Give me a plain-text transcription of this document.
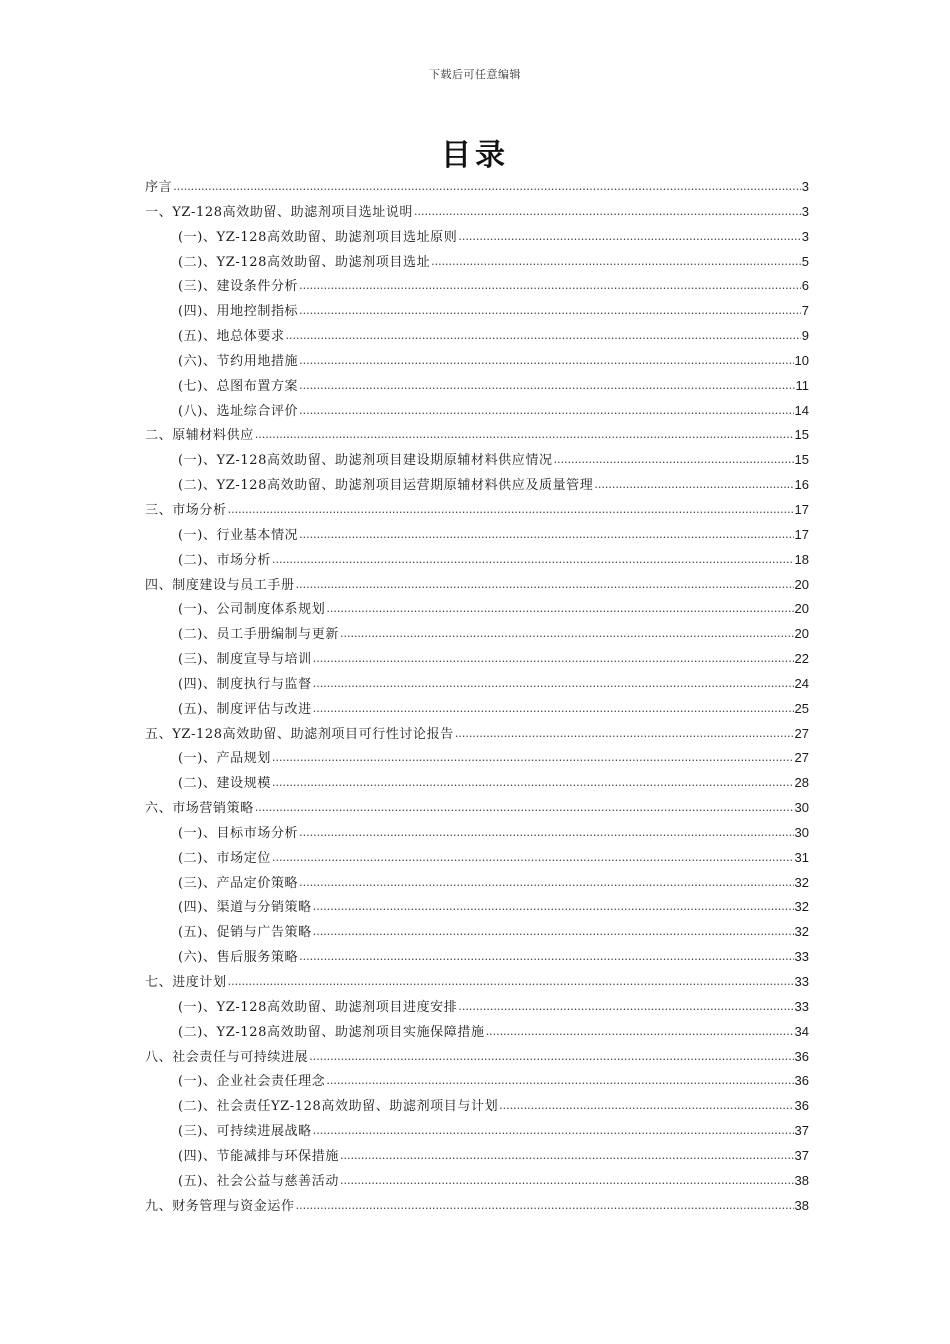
下载后可任意编辑
目录
序言 .....	3
一、YZ-128高效助留、助滤剂项目选址说明 .....	3
(一)、YZ-128高效助留、助滤剂项目选址原则 .....	3
(二)、YZ-128高效助留、助滤剂项目选址 .....	5
(三)、建设条件分析 .....	6
(四)、用地控制指标 .....	7
(五)、地总体要求 .....	9
(六)、节约用地措施 .....	10
(七)、总图布置方案 .....	11
(八)、选址综合评价 .....	14
二、原辅材料供应 .....	15
(一)、YZ-128高效助留、助滤剂项目建设期原辅材料供应情况 .....	15
(二)、YZ-128高效助留、助滤剂项目运营期原辅材料供应及质量管理 .....	16
三、市场分析 .....	17
(一)、行业基本情况 .....	17
(二)、市场分析 .....	18
四、制度建设与员工手册 .....	20
(一)、公司制度体系规划 .....	20
(二)、员工手册编制与更新 .....	20
(三)、制度宣导与培训 .....	22
(四)、制度执行与监督 .....	24
(五)、制度评估与改进 .....	25
五、YZ-128高效助留、助滤剂项目可行性讨论报告 .....	27
(一)、产品规划 .....	27
(二)、建设规模 .....	28
六、市场营销策略 .....	30
(一)、目标市场分析 .....	30
(二)、市场定位 .....	31
(三)、产品定价策略 .....	32
(四)、渠道与分销策略 .....	32
(五)、促销与广告策略 .....	32
(六)、售后服务策略 .....	33
七、进度计划 .....	33
(一)、YZ-128高效助留、助滤剂项目进度安排 .....	33
(二)、YZ-128高效助留、助滤剂项目实施保障措施 .....	34
八、社会责任与可持续进展 .....	36
(一)、企业社会责任理念 .....	36
(二)、社会责任YZ-128高效助留、助滤剂项目与计划 .....	36
(三)、可持续进展战略 .....	37
(四)、节能减排与环保措施 .....	37
(五)、社会公益与慈善活动 .....	38
九、财务管理与资金运作 .....	38
